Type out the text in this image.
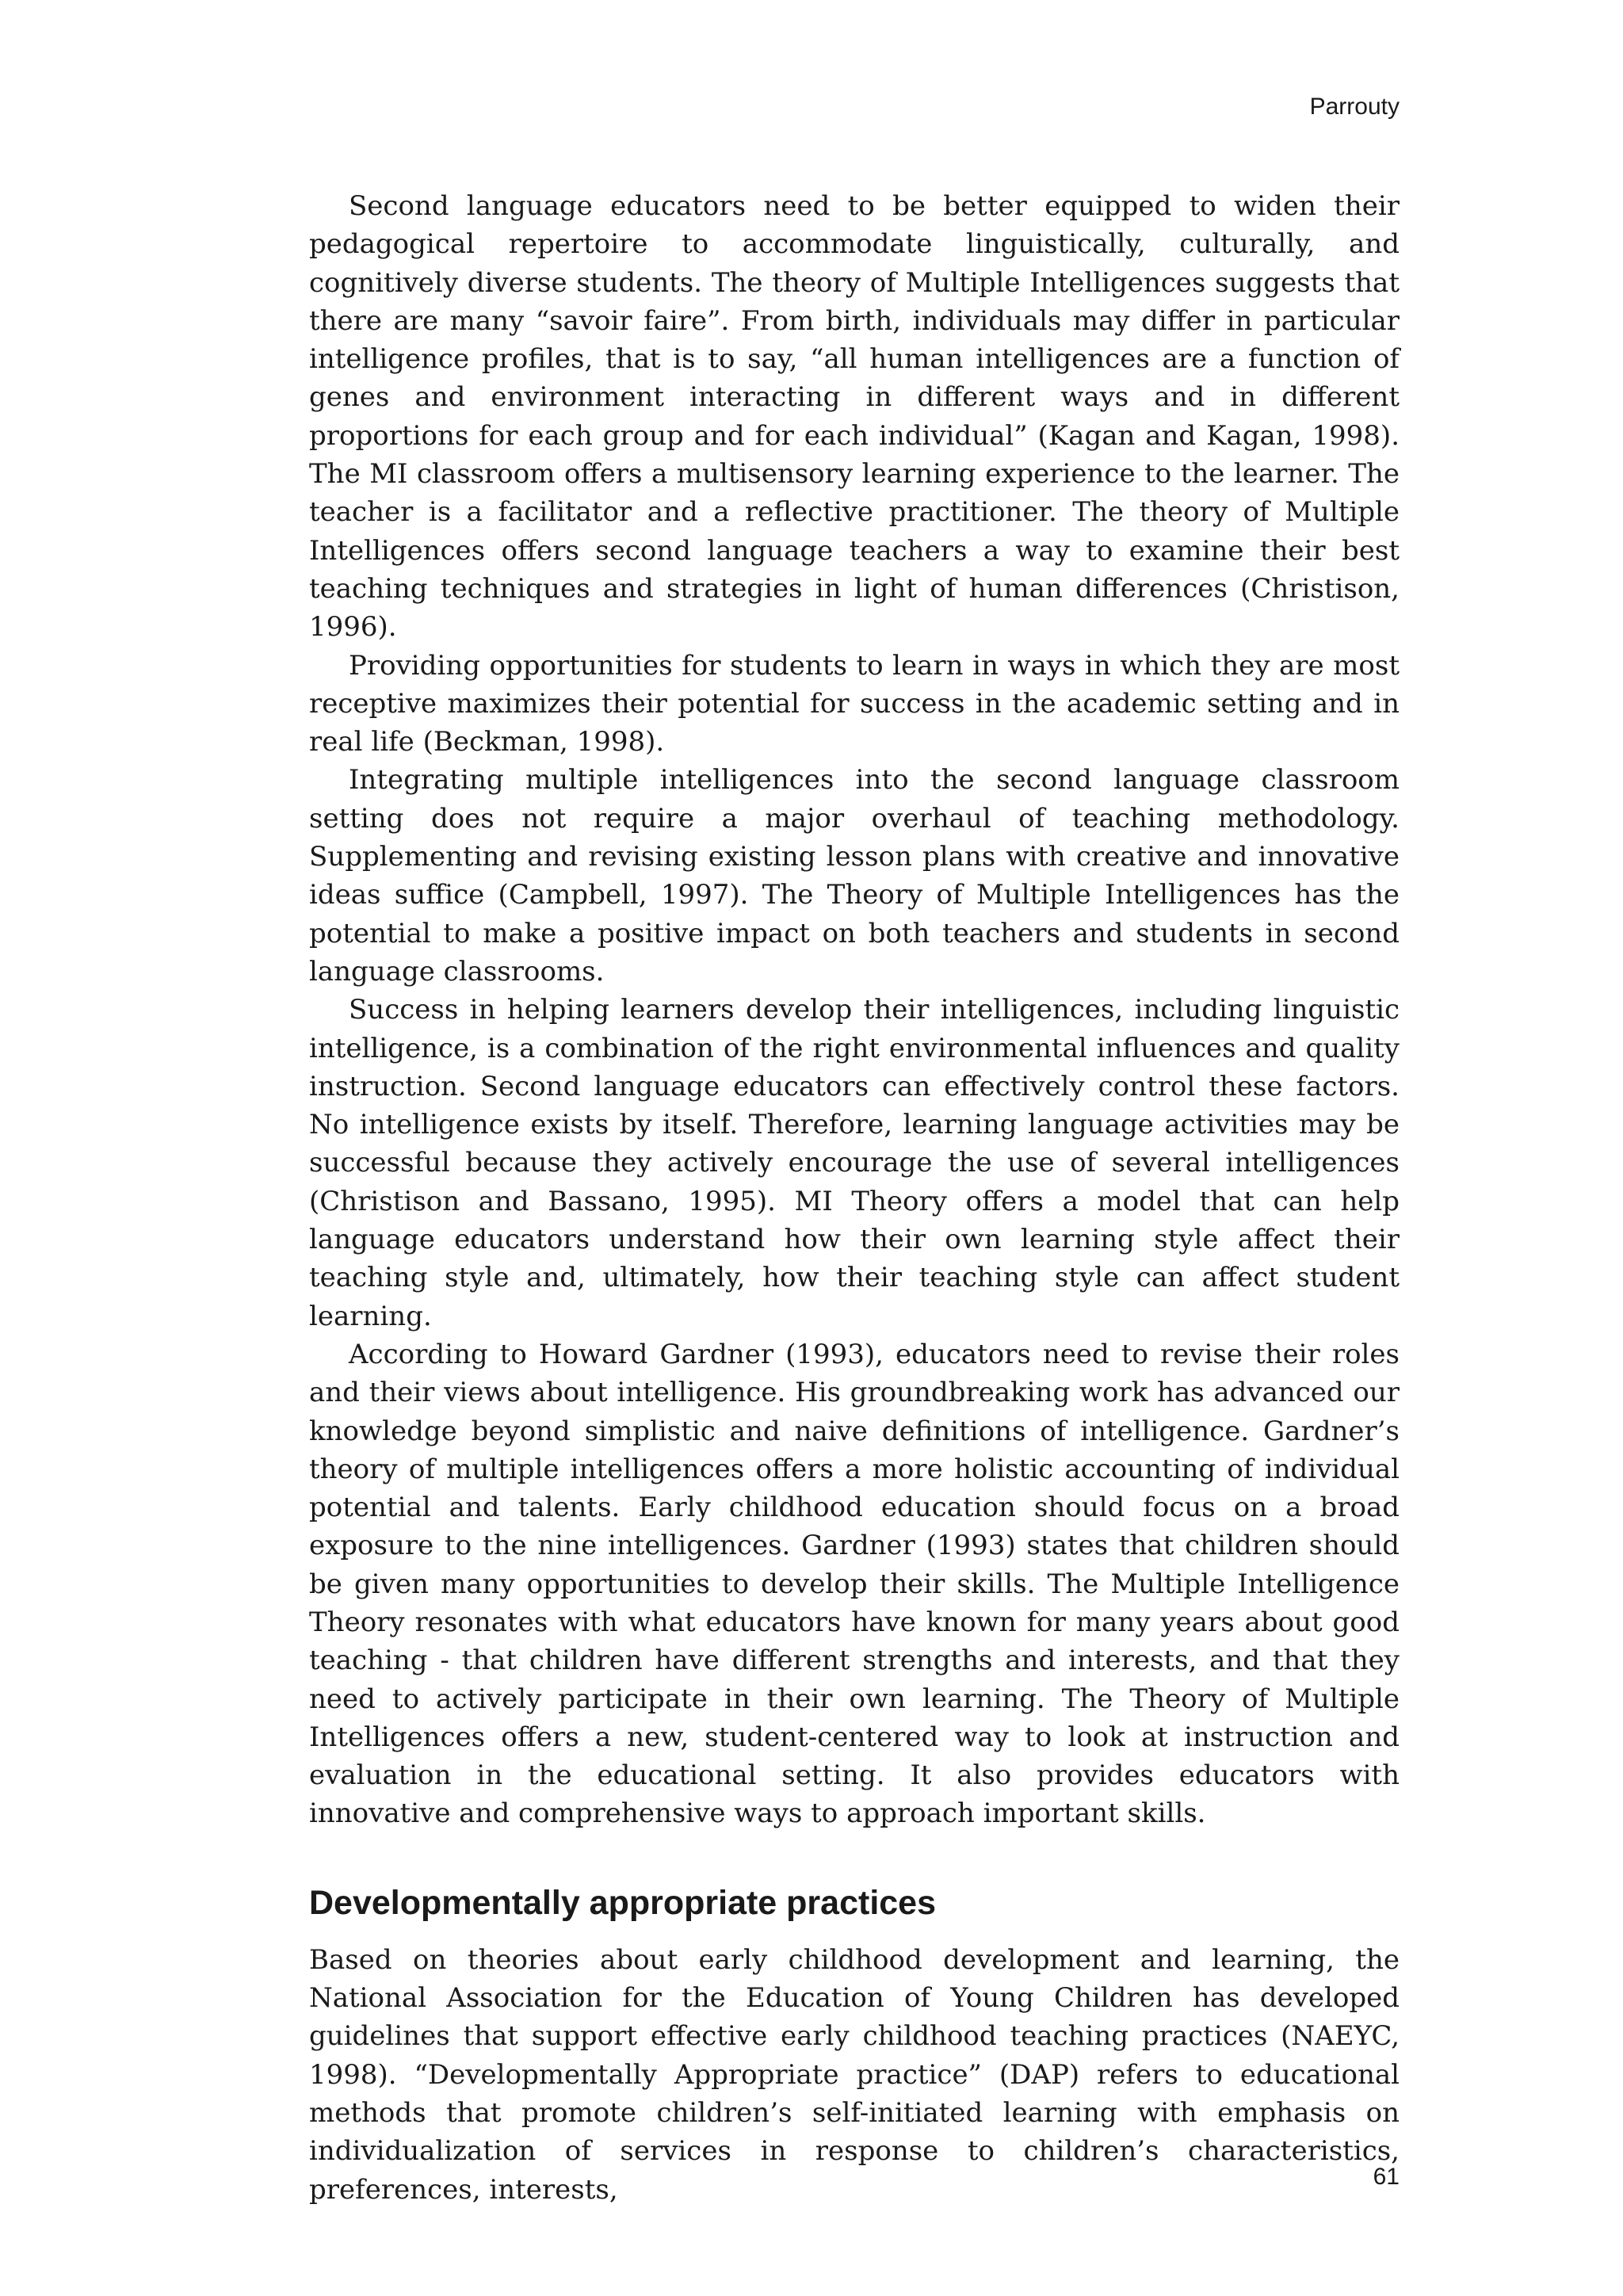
Parrouty

Second language educators need to be better equipped to widen their pedagogical repertoire to accommodate linguistically, culturally, and cognitively diverse students. The theory of Multiple Intelligences suggests that there are many “savoir faire”. From birth, individuals may differ in particular intelligence profiles, that is to say, “all human intelligences are a function of genes and environment interacting in different ways and in different proportions for each group and for each individual” (Kagan and Kagan, 1998). The MI classroom offers a multisensory learning experience to the learner. The teacher is a facilitator and a reflective practitioner. The theory of Multiple Intelligences offers second language teachers a way to examine their best teaching techniques and strategies in light of human differences (Christison, 1996).

Providing opportunities for students to learn in ways in which they are most receptive maximizes their potential for success in the academic setting and in real life (Beckman, 1998).

Integrating multiple intelligences into the second language classroom setting does not require a major overhaul of teaching methodology. Supplementing and revising existing lesson plans with creative and innovative ideas suffice (Campbell, 1997). The Theory of Multiple Intelligences has the potential to make a positive impact on both teachers and students in second language classrooms.

Success in helping learners develop their intelligences, including linguistic intelligence, is a combination of the right environmental influences and quality instruction. Second language educators can effectively control these factors. No intelligence exists by itself. Therefore, learning language activities may be successful because they actively encourage the use of several intelligences (Christison and Bassano, 1995). MI Theory offers a model that can help language educators understand how their own learning style affect their teaching style and, ultimately, how their teaching style can affect student learning.

According to Howard Gardner (1993), educators need to revise their roles and their views about intelligence. His groundbreaking work has advanced our knowledge beyond simplistic and naive definitions of intelligence. Gardner’s theory of multiple intelligences offers a more holistic accounting of individual potential and talents. Early childhood education should focus on a broad exposure to the nine intelligences. Gardner (1993) states that children should be given many opportunities to develop their skills. The Multiple Intelligence Theory resonates with what educators have known for many years about good teaching - that children have different strengths and interests, and that they need to actively participate in their own learning. The Theory of Multiple Intelligences offers a new, student-centered way to look at instruction and evaluation in the educational setting. It also provides educators with innovative and comprehensive ways to approach important skills.

Developmentally appropriate practices

Based on theories about early childhood development and learning, the National Association for the Education of Young Children has developed guidelines that support effective early childhood teaching practices (NAEYC, 1998). “Developmentally Appropriate practice” (DAP) refers to educational methods that promote children’s self-initiated learning with emphasis on individualization of services in response to children’s characteristics, preferences, interests,	61
